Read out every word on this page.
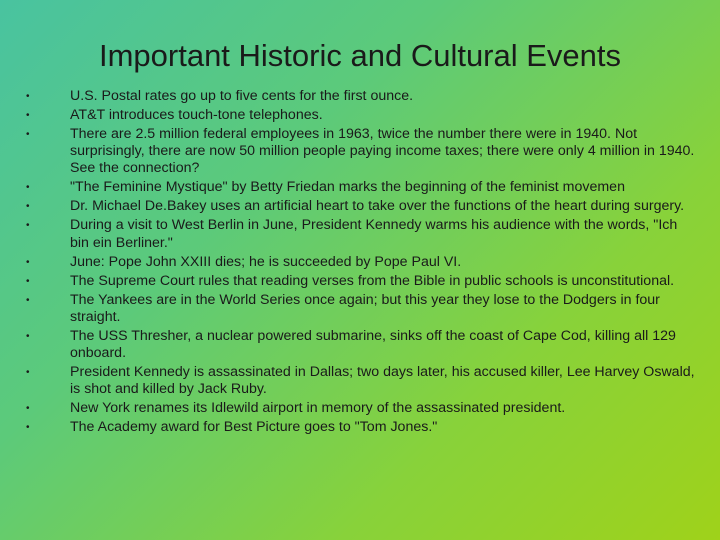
Important Historic and Cultural Events
•	U.S. Postal rates go up to five cents for the first ounce.
•	AT&T introduces touch-tone telephones.
•	There are 2.5 million federal employees in 1963, twice the number there were in 1940. Not surprisingly, there are now 50 million people paying income taxes; there were only 4 million in 1940. See the connection?
•	"The Feminine Mystique" by Betty Friedan marks the beginning of the feminist movemen
•	Dr. Michael De.Bakey uses an artificial heart to take over the functions of the heart during surgery.
•	During a visit to West Berlin in June, President Kennedy warms his audience with the words, "Ich bin ein Berliner."
•	June: Pope John XXIII dies; he is succeeded by Pope Paul VI.
•	The Supreme Court rules that reading verses from the Bible in public schools is unconstitutional.
•	The Yankees are in the World Series once again; but this year they lose to the Dodgers in four straight.
•	The USS Thresher, a nuclear powered submarine, sinks off the coast of Cape Cod, killing all 129 onboard.
•	President Kennedy is assassinated in Dallas; two days later, his accused killer, Lee Harvey Oswald, is shot and killed by Jack Ruby.
•	New York renames its Idlewild airport in memory of the assassinated president.
•	The Academy award for Best Picture goes to "Tom Jones."
